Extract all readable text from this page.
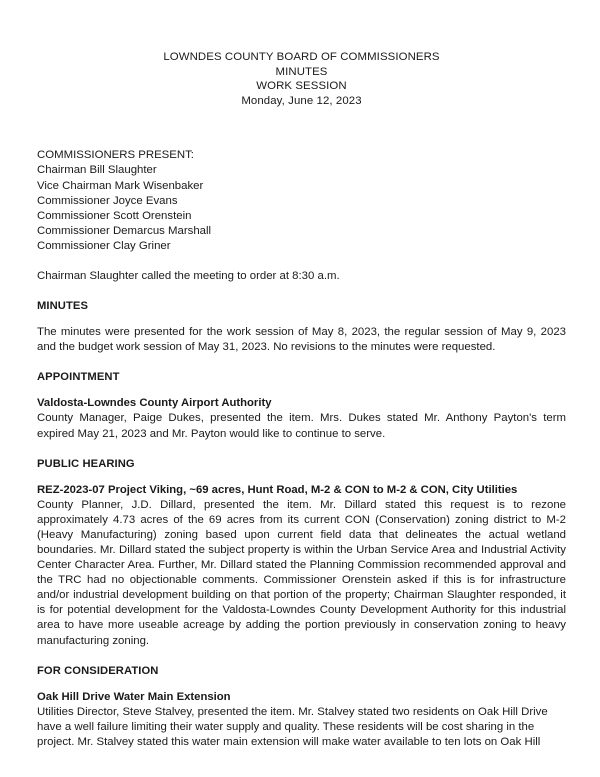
LOWNDES COUNTY BOARD OF COMMISSIONERS
MINUTES
WORK SESSION
Monday, June 12, 2023
COMMISSIONERS PRESENT:
Chairman Bill Slaughter
Vice Chairman Mark Wisenbaker
Commissioner Joyce Evans
Commissioner Scott Orenstein
Commissioner Demarcus Marshall
Commissioner Clay Griner
Chairman Slaughter called the meeting to order at 8:30 a.m.
MINUTES
The minutes were presented for the work session of May 8, 2023, the regular session of May 9, 2023 and the budget work session of May 31, 2023. No revisions to the minutes were requested.
APPOINTMENT
Valdosta-Lowndes County Airport Authority
County Manager, Paige Dukes, presented the item. Mrs. Dukes stated Mr. Anthony Payton's term expired May 21, 2023 and Mr. Payton would like to continue to serve.
PUBLIC HEARING
REZ-2023-07 Project Viking, ~69 acres, Hunt Road, M-2 & CON to M-2 & CON, City Utilities
County Planner, J.D. Dillard, presented the item. Mr. Dillard stated this request is to rezone approximately 4.73 acres of the 69 acres from its current CON (Conservation) zoning district to M-2 (Heavy Manufacturing) zoning based upon current field data that delineates the actual wetland boundaries. Mr. Dillard stated the subject property is within the Urban Service Area and Industrial Activity Center Character Area. Further, Mr. Dillard stated the Planning Commission recommended approval and the TRC had no objectionable comments. Commissioner Orenstein asked if this is for infrastructure and/or industrial development building on that portion of the property; Chairman Slaughter responded, it is for potential development for the Valdosta-Lowndes County Development Authority for this industrial area to have more useable acreage by adding the portion previously in conservation zoning to heavy manufacturing zoning.
FOR CONSIDERATION
Oak Hill Drive Water Main Extension
Utilities Director, Steve Stalvey, presented the item. Mr. Stalvey stated two residents on Oak Hill Drive have a well failure limiting their water supply and quality. These residents will be cost sharing in the project. Mr. Stalvey stated this water main extension will make water available to ten lots on Oak Hill
